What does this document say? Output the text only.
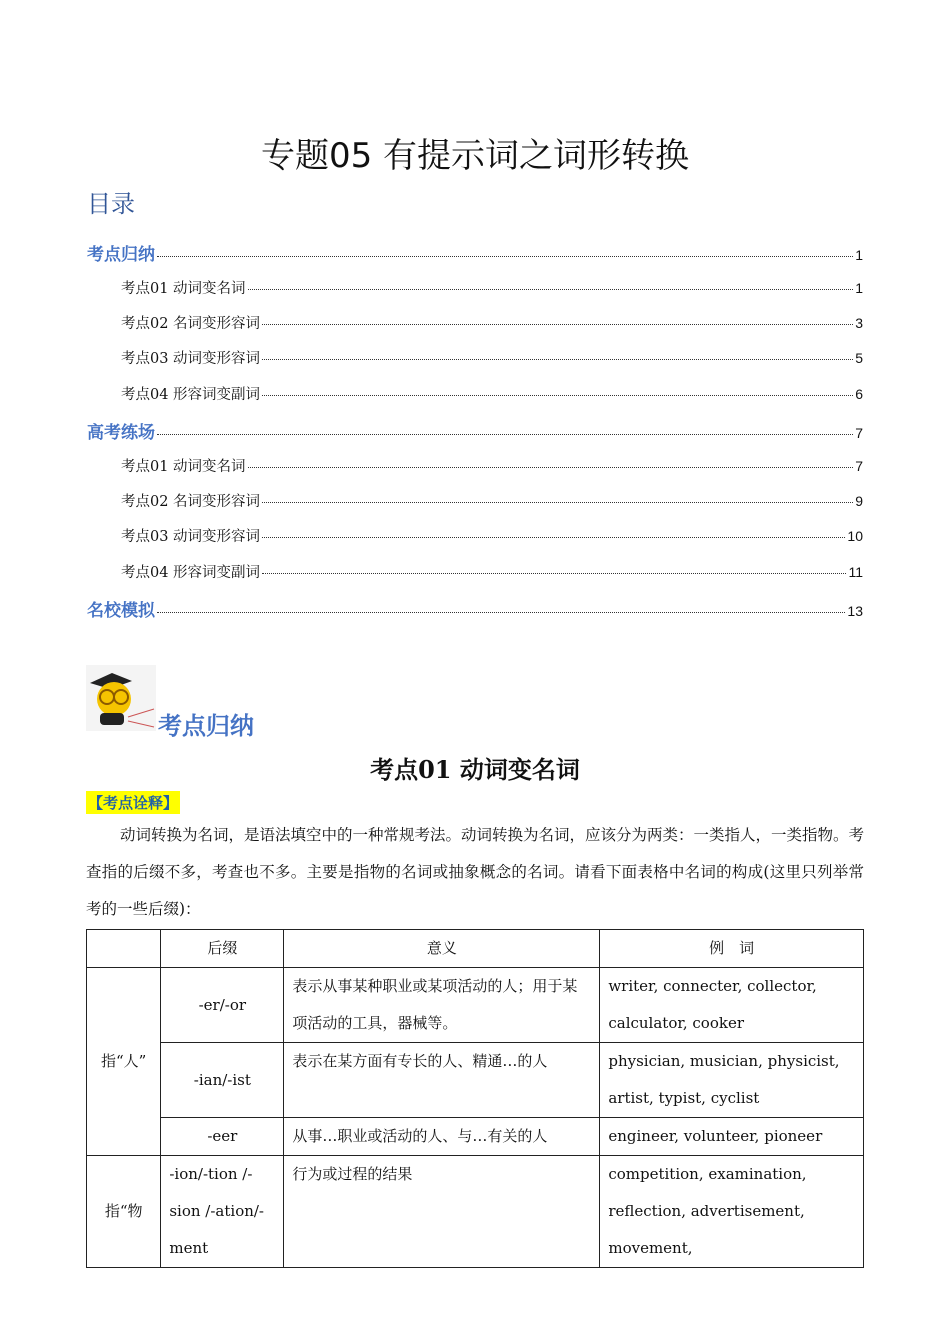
专题05 有提示词之词形转换
目录
考点归纳	1
考点01 动词变名词	1
考点02 名词变形容词	3
考点03 动词变形容词	5
考点04 形容词变副词	6
高考练场	7
考点01 动词变名词	7
考点02 名词变形容词	9
考点03 动词变形容词	10
考点04 形容词变副词	11
名校模拟	13
考点归纳
考点01 动词变名词
【考点诠释】
动词转换为名词，是语法填空中的一种常规考法。动词转换为名词，应该分为两类：一类指人，一类指物。考查指的后缀不多，考查也不多。主要是指物的名词或抽象概念的名词。请看下面表格中名词的构成(这里只列举常考的一些后缀)：
	后缀	意义	例　词
指“人”	-er/-or	表示从事某种职业或某项活动的人；用于某项活动的工具，器械等。	writer, connecter, collector, calculator, cooker
	-ian/-ist	表示在某方面有专长的人、精通…的人	physician, musician, physicist, artist, typist, cyclist
	-eer	从事…职业或活动的人、与…有关的人	engineer, volunteer, pioneer
指“物	-ion/-tion /-sion /-ation/-ment	行为或过程的结果	competition, examination, reflection, advertisement, movement,
